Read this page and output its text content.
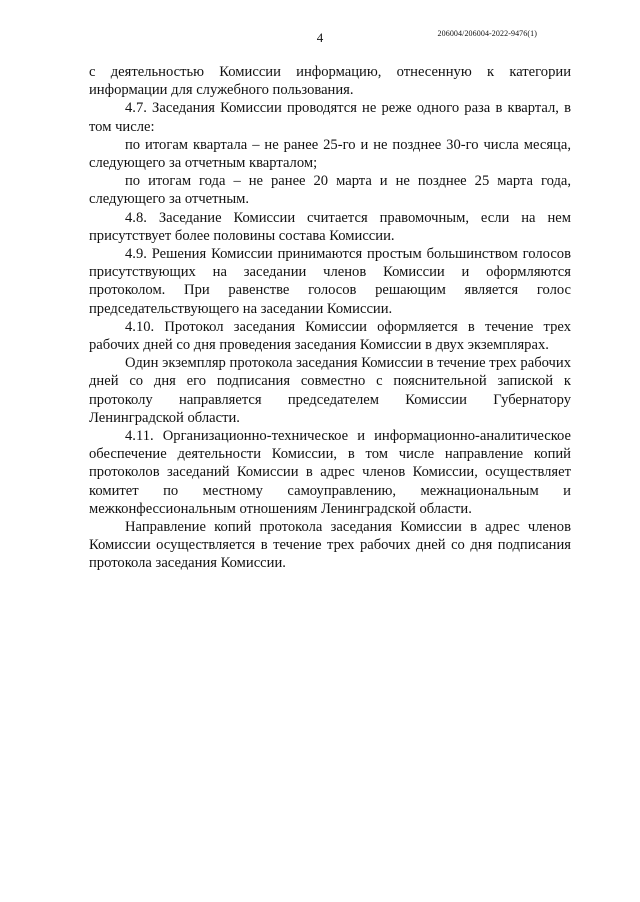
4	206004/206004-2022-9476(1)

с деятельностью Комиссии информацию, отнесенную к категории информации для служебного пользования.

4.7. Заседания Комиссии проводятся не реже одного раза в квартал, в том числе:

по итогам квартала – не ранее 25-го и не позднее 30-го числа месяца, следующего за отчетным кварталом;

по итогам года – не ранее 20 марта и не позднее 25 марта года, следующего за отчетным.

4.8. Заседание Комиссии считается правомочным, если на нем присутствует более половины состава Комиссии.

4.9. Решения Комиссии принимаются простым большинством голосов присутствующих на заседании членов Комиссии и оформляются протоколом. При равенстве голосов решающим является голос председательствующего на заседании Комиссии.

4.10. Протокол заседания Комиссии оформляется в течение трех рабочих дней со дня проведения заседания Комиссии в двух экземплярах.

Один экземпляр протокола заседания Комиссии в течение трех рабочих дней со дня его подписания совместно с пояснительной запиской к протоколу направляется председателем Комиссии Губернатору Ленинградской области.

4.11. Организационно-техническое и информационно-аналитическое обеспечение деятельности Комиссии, в том числе направление копий протоколов заседаний Комиссии в адрес членов Комиссии, осуществляет комитет по местному самоуправлению, межнациональным и межконфессиональным отношениям Ленинградской области.

Направление копий протокола заседания Комиссии в адрес членов Комиссии осуществляется в течение трех рабочих дней со дня подписания протокола заседания Комиссии.
